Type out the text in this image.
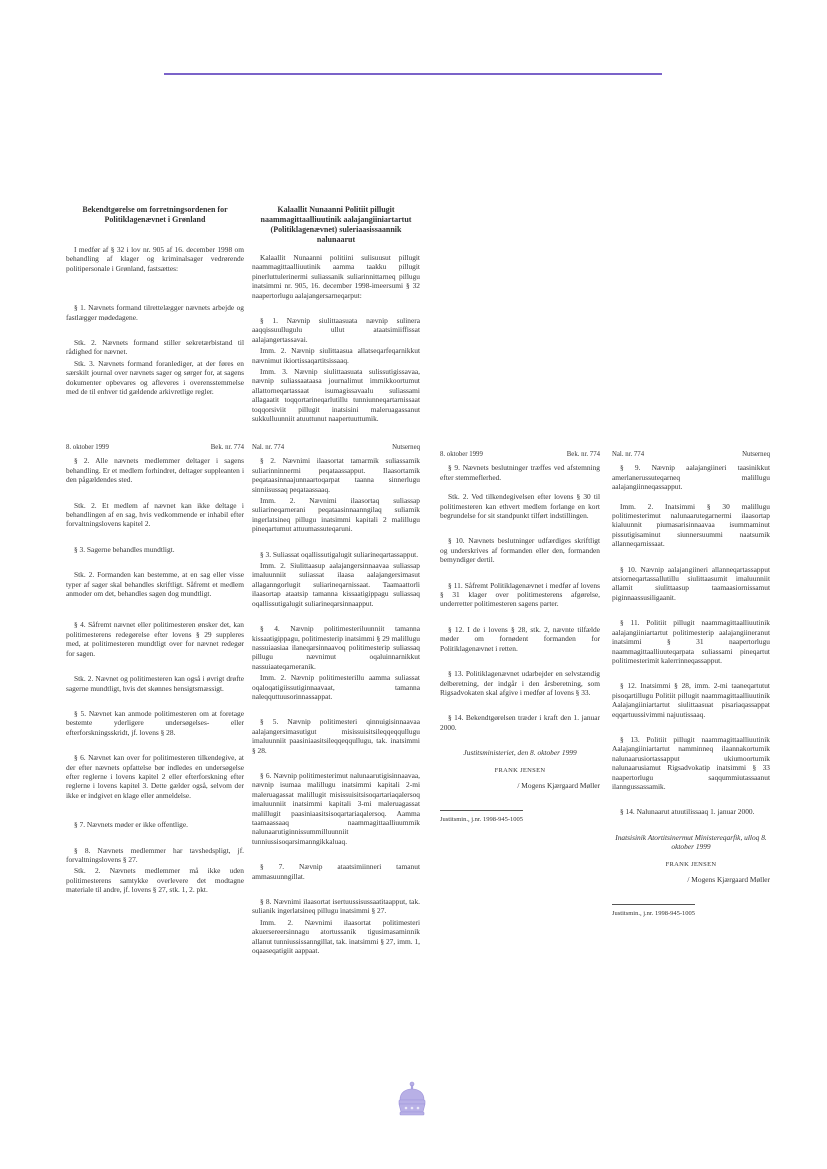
Bekendtgørelse om forretningsordenen for Politiklagenævnet i Grønland

I medfør af § 32 i lov nr. 905 af 16. december 1998 om behandling af klager og kriminalsager vedrørende politipersonale i Grønland, fastsættes:

§ 1. Nævnets formand tilrettelægger nævnets arbejde og fastlægger mødedagene.

Stk. 2. Nævnets formand stiller sekretærbistand til rådighed for nævnet.

Stk. 3. Nævnets formand foranlediger, at der føres en særskilt journal over nævnets sager og sørger for, at sagens dokumenter opbevares og afleveres i overensstemmelse med de til enhver tid gældende arkivretlige regler.

Kalaallit Nunaanni Politiit pillugit naammagittaalliuutinik aalajangiiniartartut (Politiklagenævnet) suleriaasissaannik nalunaarut

Kalaallit Nunaanni politiini sulisuusut pillugit naammagittaalliuutinik aamma taakku pillugit pinerluttulerinermi suliassanik suliarinnittarneq pillugu inatsimmi nr. 905, 16. december 1998-imeersumi § 32 naapertorlugu aalajangersarneqarput:

§ 1. Nævnip siulittaasuata nævnip sulinera aaqqissuullugulu ullut ataatsimiiffissat aalajangertassavai.

Imm. 2. Nævnip siulittaasua allatseqarfeqarnikkut nævnimut ikiortissaqartitsissaaq.

Imm. 3. Nævnip siulittaasuata sulissutigissavaa, nævnip suliassaataasa journalimut immikkoortumut allattorneqartassaat isumagissavaalu suliassami allagaatit toqqortarineqarlutillu tunniunneqartarnissaat toqqorsiviit pillugit inatsisini maleruagassanut sukkulluunniit atuuttunut naapertuuttumik.

8. oktober 1999	Bek. nr. 774

§ 2. Alle nævnets medlemmer deltager i sagens behandling. Er et medlem forhindret, deltager suppleanten i den pågældendes sted.

Stk. 2. Et medlem af nævnet kan ikke deltage i behandlingen af en sag, hvis vedkommende er inhabil efter forvaltningslovens kapitel 2.

§ 3. Sagerne behandles mundtligt.

Stk. 2. Formanden kan bestemme, at en sag eller visse typer af sager skal behandles skriftligt. Såfremt et medlem anmoder om det, behandles sagen dog mundtligt.

§ 4. Såfremt nævnet eller politimesteren ønsker det, kan politimesterens redegørelse efter lovens § 29 suppleres med, at politimesteren mundtligt over for nævnet redegør for sagen.

Stk. 2. Nævnet og politimesteren kan også i øvrigt drøfte sagerne mundtligt, hvis det skønnes hensigtsmæssigt.

§ 5. Nævnet kan anmode politimesteren om at foretage bestemte yderligere undersøgelses- eller efterforskningsskridt, jf. lovens § 28.

§ 6. Nævnet kan over for politimesteren tilkendegive, at der efter nævnets opfattelse bør indledes en undersøgelse efter reglerne i lovens kapitel 2 eller efterforskning efter reglerne i lovens kapitel 3. Dette gælder også, selvom der ikke er indgivet en klage eller anmeldelse.

§ 7. Nævnets møder er ikke offentlige.

§ 8. Nævnets medlemmer har tavshedspligt, jf. forvaltningslovens § 27.

Stk. 2. Nævnets medlemmer må ikke uden politimesterens samtykke overlevere det modtagne materiale til andre, jf. lovens § 27, stk. 1, 2. pkt.

Nal. nr. 774	Nutserneq

§ 2. Nævnimi ilaasortat tamarmik suliassamik suliarinninnermi peqataassapput. Ilaasortamik peqataasinnaajunnaartoqarpat taanna sinnerlugu sinniisussaq peqataassaaq.

Imm. 2. Nævnimi ilaasortaq suliassap suliarineqarnerani peqataasinnaanngilaq suliamik ingerlatsineq pillugu inatsimmi kapitali 2 malillugu pineqartumut attuumassuteqaruni.

§ 3. Suliassat oqallissutigalugit suliarineqartassapput.

Imm. 2. Siulittaasup aalajangersinnaavaa suliassap imaluunniit suliassat ilaasa aalajangersimasut allaganngorlugit suliarineqarnissaat. Taamaattorli ilaasortap ataatsip tamanna kissaatigippagu suliassaq oqallissutigalugit suliarineqarsinnaapput.

§ 4. Nævnip politimesteriluunniit tamanna kissaatigippagu, politimesterip inatsimmi § 29 malillugu nassuiaasiaa ilaneqarsinnaavoq politimesterip suliassaq pillugu nævnimut oqaluinnarnikkut nassuiaateqarneranik.

Imm. 2. Nævnip politimesterillu aamma suliassat oqaloqatigiissutiginnaavaat, tamanna naleqquttuusorinnassappat.

§ 5. Nævnip politimesteri qinnuigisinnaavaa aalajangersimasutigut misissuisitsileqqeqqullugu imaluunniit paasiniaasitsileqqeqqullugu, tak. inatsimmi § 28.

§ 6. Nævnip politimesterimut nalunaarutigisinnaavaa, nævnip isumaa malillugu inatsimmi kapitali 2-mi maleruagassat malillugit misissuisitsisoqartariaqalersoq imaluunniit inatsimmi kapitali 3-mi maleruagassat malillugit paasiniaasitsisoqartariaqalersoq. Aamma taamaassaaq naammagittaalliuummik nalunaarutiginnissummilluunniit tunniussisoqarsimanngikkaluaq.

§ 7. Nævnip ataatsimiinneri tamanut ammasuunngillat.

§ 8. Nævnimi ilaasortat isertuussisussaatitaapput, tak. sulianik ingerlatsineq pillugu inatsimmi § 27.

Imm. 2. Nævnimi ilaasortat politimesteri akuersereersinnagu atortussanik tigusimasaminnik allanut tunniussissanngillat, tak. inatsimmi § 27, imm. 1, oqaaseqatigiit aappaat.

8. oktober 1999	Bek. nr. 774

§ 9. Nævnets beslutninger træffes ved afstemning efter stemmeflerhed.

Stk. 2. Ved tilkendegivelsen efter lovens § 30 til politimesteren kan ethvert medlem forlange en kort begrundelse for sit standpunkt tilført indstillingen.

§ 10. Nævnets beslutninger udfærdiges skriftligt og underskrives af formanden eller den, formanden bemyndiger dertil.

§ 11. Såfremt Politiklagenævnet i medfør af lovens § 31 klager over politimesterens afgørelse, underretter politimesteren sagens parter.

§ 12. I de i lovens § 28, stk. 2, nævnte tilfælde møder om fornødent formanden for Politiklagenævnet i retten.

§ 13. Politiklagenævnet udarbejder en selvstændig delberetning, der indgår i den årsberetning, som Rigsadvokaten skal afgive i medfør af lovens § 33.

§ 14. Bekendtgørelsen træder i kraft den 1. januar 2000.

Justitsministeriet, den 8. oktober 1999

FRANK JENSEN

/ Mogens Kjærgaard Møller

Justitsmin., j.nr. 1998-945-1005
Nal. nr. 774	Nutserneq

§ 9. Nævnip aalajangiineri taasinikkut amerlanerussuteqarneq malillugu aalajangiinneqassapput.

Imm. 2. Inatsimmi § 30 malillugu politimesterimut nalunaarutegarnermi ilaasortap kialuunnit piumasarisinnaavaa isummaminut pissutigisaminut siunnersuummi naatsumik allanneqarnissaat.

§ 10. Nævnip aalajangiineri allanneqartassapput atsiorneqartassallutillu siulittaasumit imaluunniit allamit siulittaasup taamaasiornissamut piginnaassusiligaanit.

§ 11. Politiit pillugit naammagittaalliuutinik aalajangiiniartartut politimesterip aalajangiineranut inatsimmi § 31 naapertorlugu naammagittaalliuuteqarpata suliassami pineqartut politimesterimit kalerrinneqassapput.

§ 12. Inatsimmi § 28, imm. 2-mi taaneqartutut pisoqartillugu Politiit pillugit naammagittaalliuutinik Aalajangiiniartartut siulittaasuat pisariaqassappat eqqartuussivimmi najuutissaaq.

§ 13. Politiit pillugit naammagittaalliuutinik Aalajangiiniartartut namminneq ilaannakortumik nalunaarusiortassapput ukiumoortumik nalunaarusiamut Rigsadvokatip inatsimmi § 33 naapertorlugu saqqummiutassaanut ilanngussassamik.

§ 14. Nalunaarut atuutilissaaq 1. januar 2000.

Inatsisinik Atortitsinermut Ministereqarfik, ulloq 8. oktober 1999

FRANK JENSEN

/ Mogens Kjærgaard Møller

Justitsmin., j.nr. 1998-945-1005
